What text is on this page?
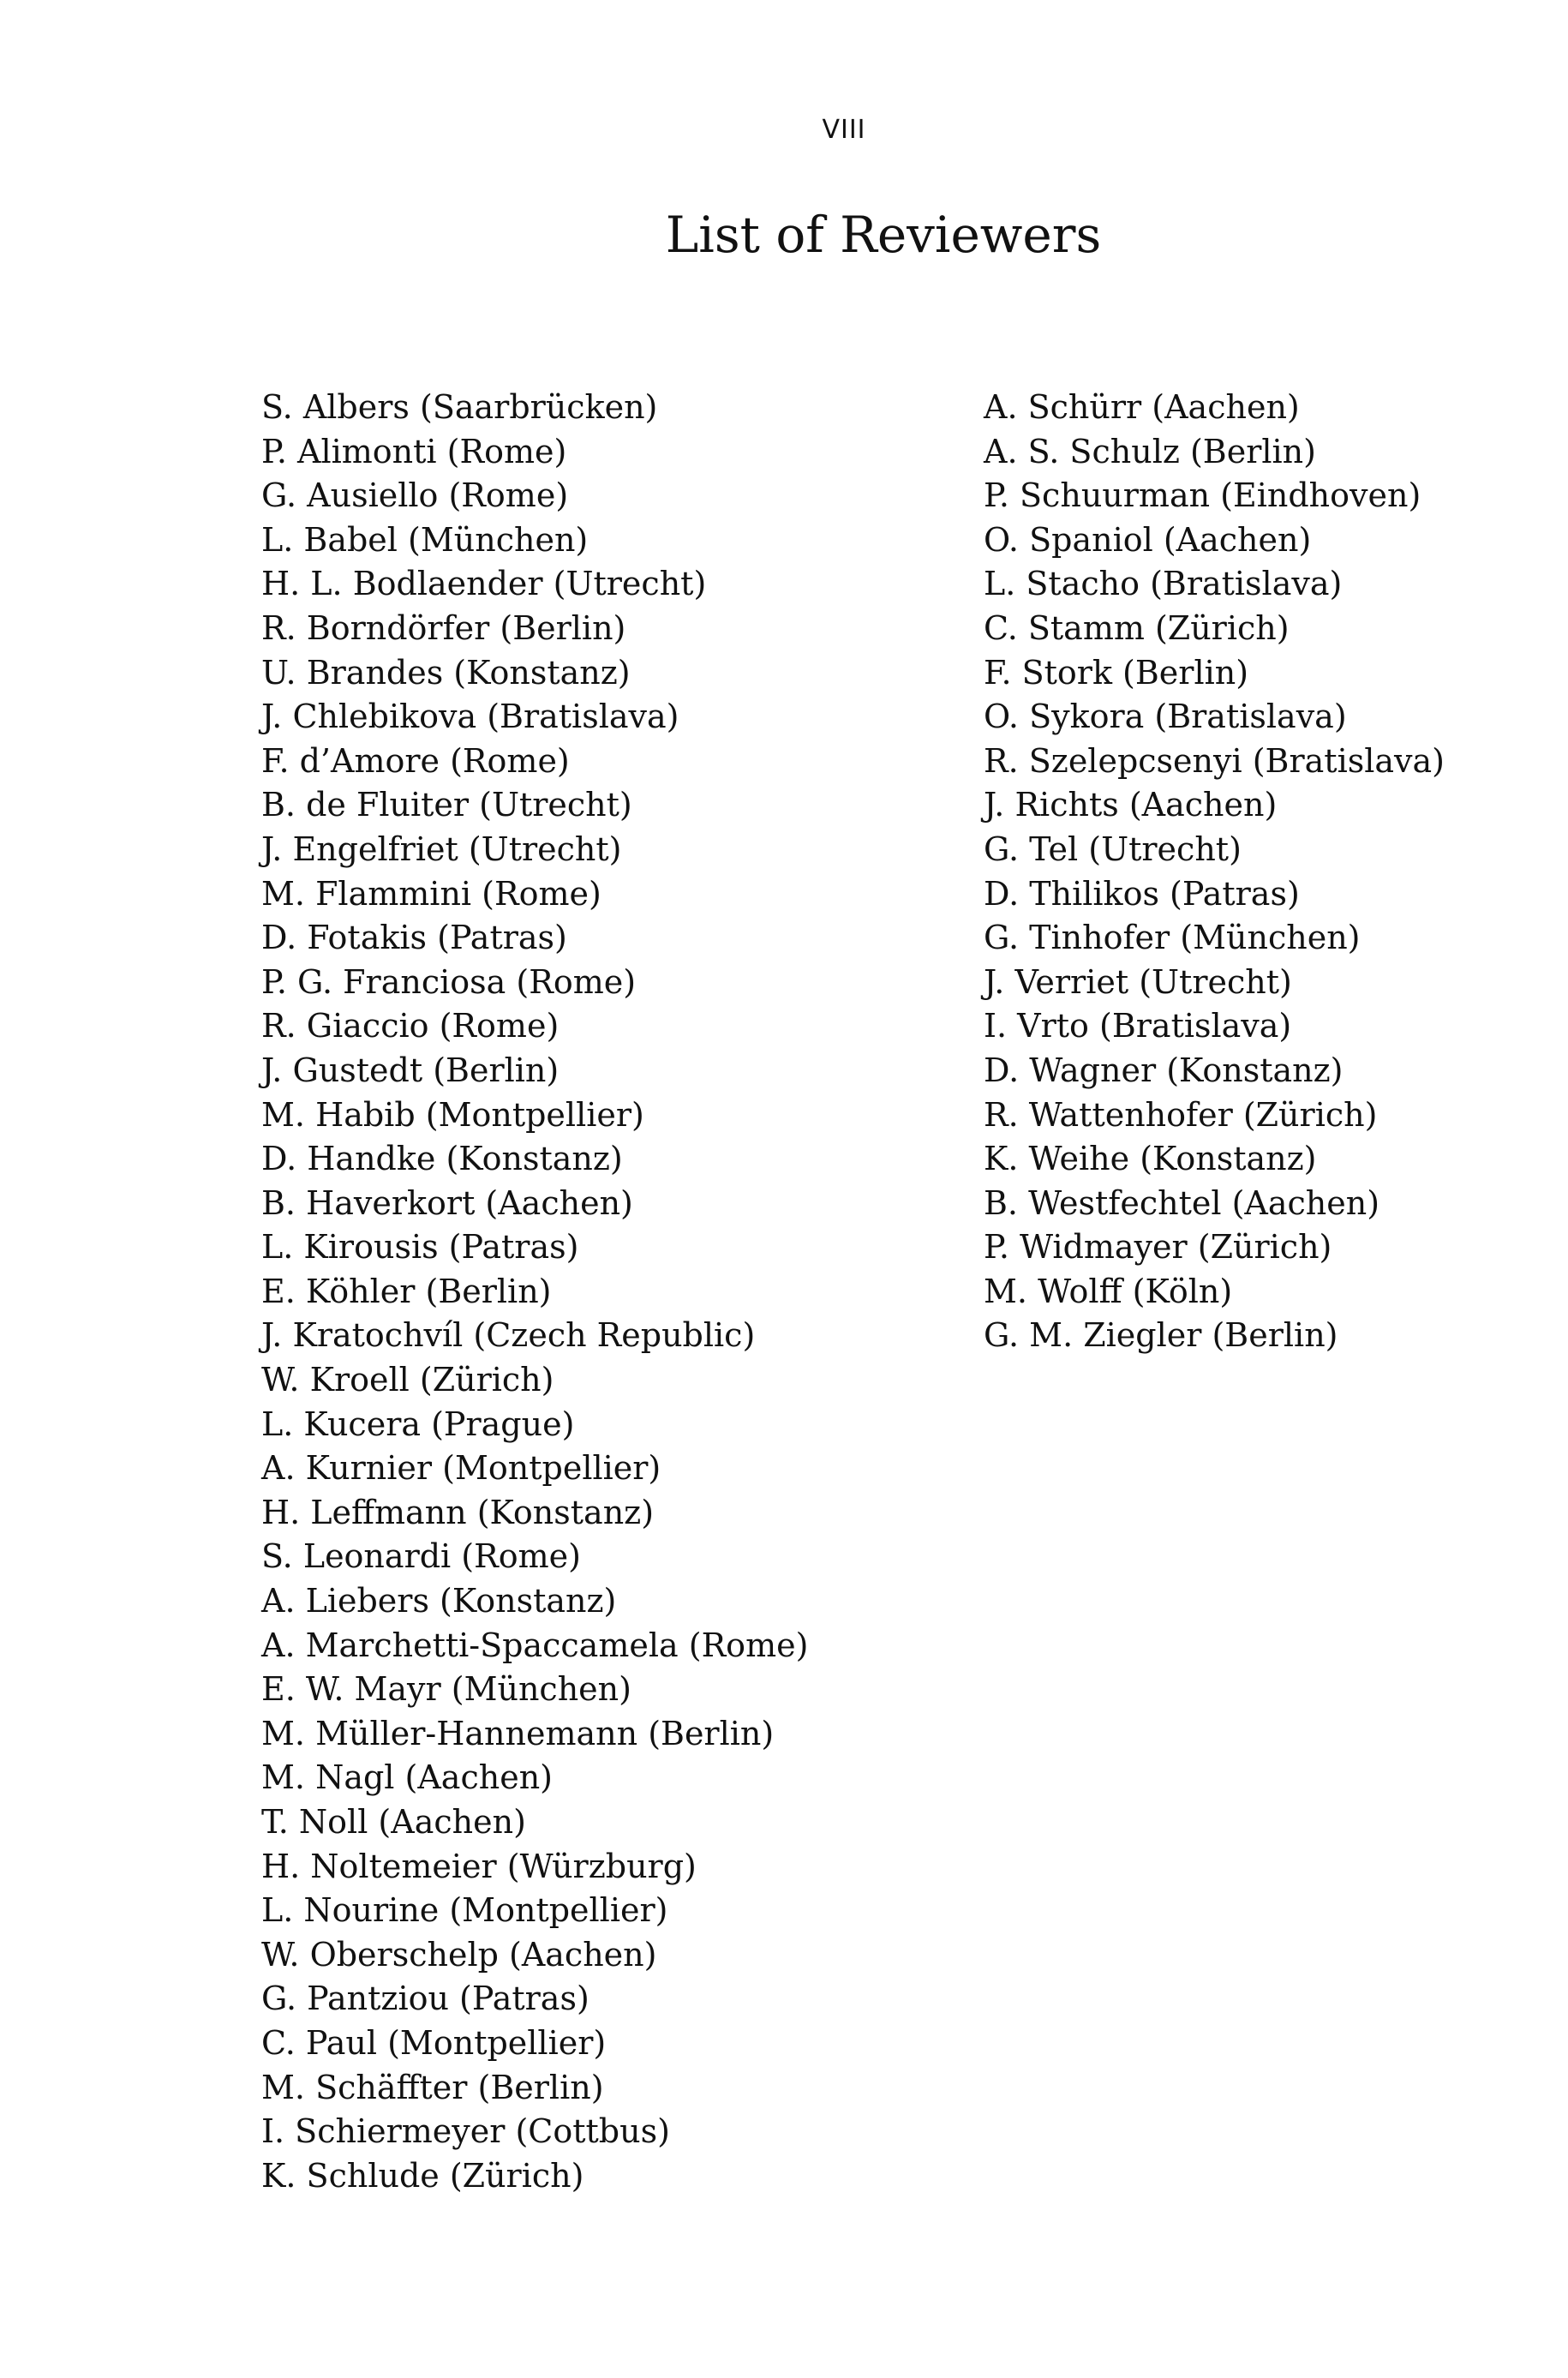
VIII
List of Reviewers
S. Albers (Saarbrücken)
P. Alimonti (Rome)
G. Ausiello (Rome)
L. Babel (München)
H. L. Bodlaender (Utrecht)
R. Borndörfer (Berlin)
U. Brandes (Konstanz)
J. Chlebikova (Bratislava)
F. d’Amore (Rome)
B. de Fluiter (Utrecht)
J. Engelfriet (Utrecht)
M. Flammini (Rome)
D. Fotakis (Patras)
P. G. Franciosa (Rome)
R. Giaccio (Rome)
J. Gustedt (Berlin)
M. Habib (Montpellier)
D. Handke (Konstanz)
B. Haverkort (Aachen)
L. Kirousis (Patras)
E. Köhler (Berlin)
J. Kratochvíl (Czech Republic)
W. Kroell (Zürich)
L. Kucera (Prague)
A. Kurnier (Montpellier)
H. Leffmann (Konstanz)
S. Leonardi (Rome)
A. Liebers (Konstanz)
A. Marchetti-Spaccamela (Rome)
E. W. Mayr (München)
M. Müller-Hannemann (Berlin)
M. Nagl (Aachen)
T. Noll (Aachen)
H. Noltemeier (Würzburg)
L. Nourine (Montpellier)
W. Oberschelp (Aachen)
G. Pantziou (Patras)
C. Paul (Montpellier)
M. Schäffter (Berlin)
I. Schiermeyer (Cottbus)
K. Schlude (Zürich)
A. Schürr (Aachen)
A. S. Schulz (Berlin)
P. Schuurman (Eindhoven)
O. Spaniol (Aachen)
L. Stacho (Bratislava)
C. Stamm (Zürich)
F. Stork (Berlin)
O. Sykora (Bratislava)
R. Szelepcsenyi (Bratislava)
J. Richts (Aachen)
G. Tel (Utrecht)
D. Thilikos (Patras)
G. Tinhofer (München)
J. Verriet (Utrecht)
I. Vrto (Bratislava)
D. Wagner (Konstanz)
R. Wattenhofer (Zürich)
K. Weihe (Konstanz)
B. Westfechtel (Aachen)
P. Widmayer (Zürich)
M. Wolff (Köln)
G. M. Ziegler (Berlin)
